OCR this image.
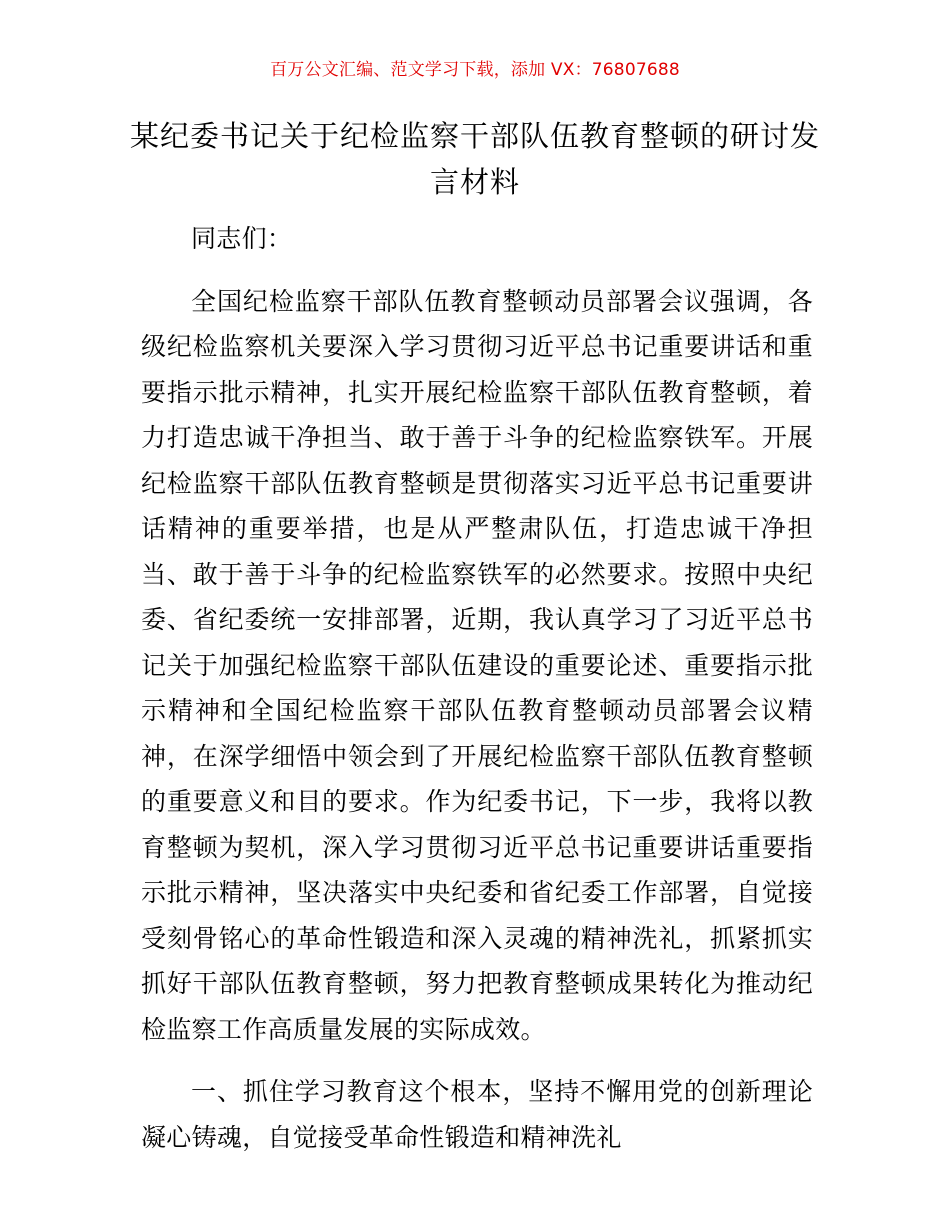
百万公文汇编、范文学习下载，添加 VX：76807688
某纪委书记关于纪检监察干部队伍教育整顿的研讨发言材料

同志们：

全国纪检监察干部队伍教育整顿动员部署会议强调，各级纪检监察机关要深入学习贯彻习近平总书记重要讲话和重要指示批示精神，扎实开展纪检监察干部队伍教育整顿，着力打造忠诚干净担当、敢于善于斗争的纪检监察铁军。开展纪检监察干部队伍教育整顿是贯彻落实习近平总书记重要讲话精神的重要举措，也是从严整肃队伍，打造忠诚干净担当、敢于善于斗争的纪检监察铁军的必然要求。按照中央纪委、省纪委统一安排部署，近期，我认真学习了习近平总书记关于加强纪检监察干部队伍建设的重要论述、重要指示批示精神和全国纪检监察干部队伍教育整顿动员部署会议精神，在深学细悟中领会到了开展纪检监察干部队伍教育整顿的重要意义和目的要求。作为纪委书记，下一步，我将以教育整顿为契机，深入学习贯彻习近平总书记重要讲话重要指示批示精神，坚决落实中央纪委和省纪委工作部署，自觉接受刻骨铭心的革命性锻造和深入灵魂的精神洗礼，抓紧抓实抓好干部队伍教育整顿，努力把教育整顿成果转化为推动纪检监察工作高质量发展的实际成效。

一、抓住学习教育这个根本，坚持不懈用党的创新理论凝心铸魂，自觉接受革命性锻造和精神洗礼
